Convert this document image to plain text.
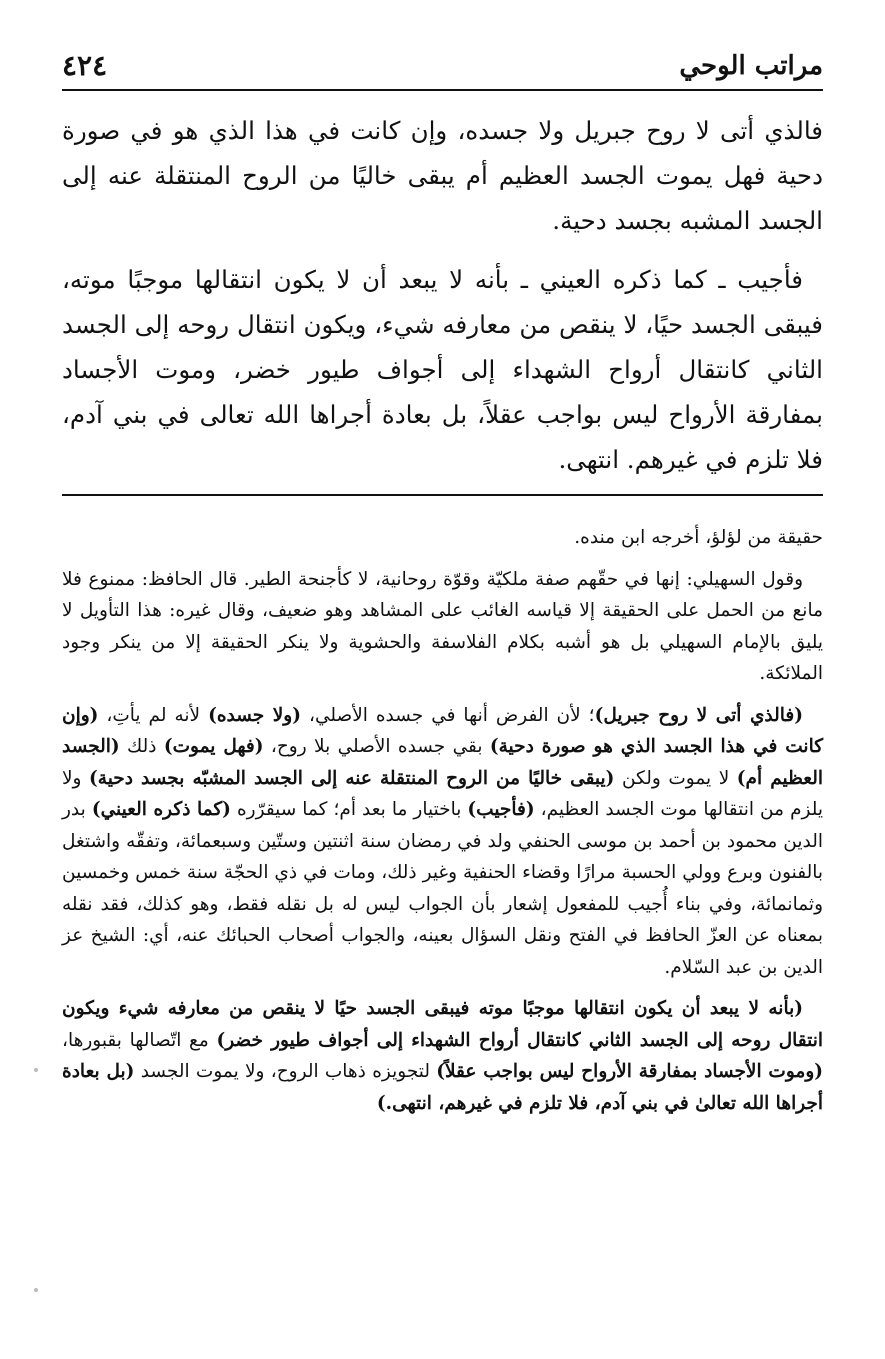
مراتب الوحي
٤٢٤

فالذي أتى لا روح جبريل ولا جسده، وإن كانت في هذا الذي هو في صورة دحية فهل يموت الجسد العظيم أم يبقى خاليًا من الروح المنتقلة عنه إلى الجسد المشبه بجسد دحية.

فأجيب ـ كما ذكره العيني ـ بأنه لا يبعد أن لا يكون انتقالها موجبًا موته، فيبقى الجسد حيًا، لا ينقص من معارفه شيء، ويكون انتقال روحه إلى الجسد الثاني كانتقال أرواح الشهداء إلى أجواف طيور خضر، وموت الأجساد بمفارقة الأرواح ليس بواجب عقلاً، بل بعادة أجراها الله تعالى في بني آدم، فلا تلزم في غيرهم. انتهى.

حقيقة من لؤلؤ، أخرجه ابن منده.

وقول السهيلي: إنها في حقّهم صفة ملكيّة وقوّة روحانية، لا كأجنحة الطير. قال الحافظ: ممنوع فلا مانع من الحمل على الحقيقة إلا قياسه الغائب على المشاهد وهو ضعيف، وقال غيره: هذا التأويل لا يليق بالإمام السهيلي بل هو أشبه بكلام الفلاسفة والحشوية ولا ينكر الحقيقة إلا من ينكر وجود الملائكة.

(فالذي أتى لا روح جبريل)؛ لأن الفرض أنها في جسده الأصلي، (ولا جسده) لأنه لم يأتِ، (وإن كانت في هذا الجسد الذي هو صورة دحية) بقي جسده الأصلي بلا روح، (فهل يموت) ذلك (الجسد العظيم أم) لا يموت ولكن (يبقى خاليًا من الروح المنتقلة عنه إلى الجسد المشبّه بجسد دحية) ولا يلزم من انتقالها موت الجسد العظيم، (فأجيب) باختيار ما بعد أم؛ كما سيقرّره (كما ذكره العيني) بدر الدين محمود بن أحمد بن موسى الحنفي ولد في رمضان سنة اثنتين وستّين وسبعمائة، وتفقّه واشتغل بالفنون وبرع وولي الحسبة مرارًا وقضاء الحنفية وغير ذلك، ومات في ذي الحجّة سنة خمس وخمسين وثمانمائة، وفي بناء أُجيب للمفعول إشعار بأن الجواب ليس له بل نقله فقط، وهو كذلك، فقد نقله بمعناه عن العزّ الحافظ في الفتح ونقل السؤال بعينه، والجواب أصحاب الحبائك عنه، أي: الشيخ عز الدين بن عبد السّلام.

(بأنه لا يبعد أن يكون انتقالها موجبًا موته فيبقى الجسد حيًا لا ينقص من معارفه شيء ويكون انتقال روحه إلى الجسد الثاني كانتقال أرواح الشهداء إلى أجواف طيور خضر) مع اتّصالها بقبورها، (وموت الأجساد بمفارقة الأرواح ليس بواجب عقلاً) لتجويزه ذهاب الروح، ولا يموت الجسد (بل بعادة أجراها الله تعالىٰ في بني آدم، فلا تلزم في غيرهم، انتهى.)
